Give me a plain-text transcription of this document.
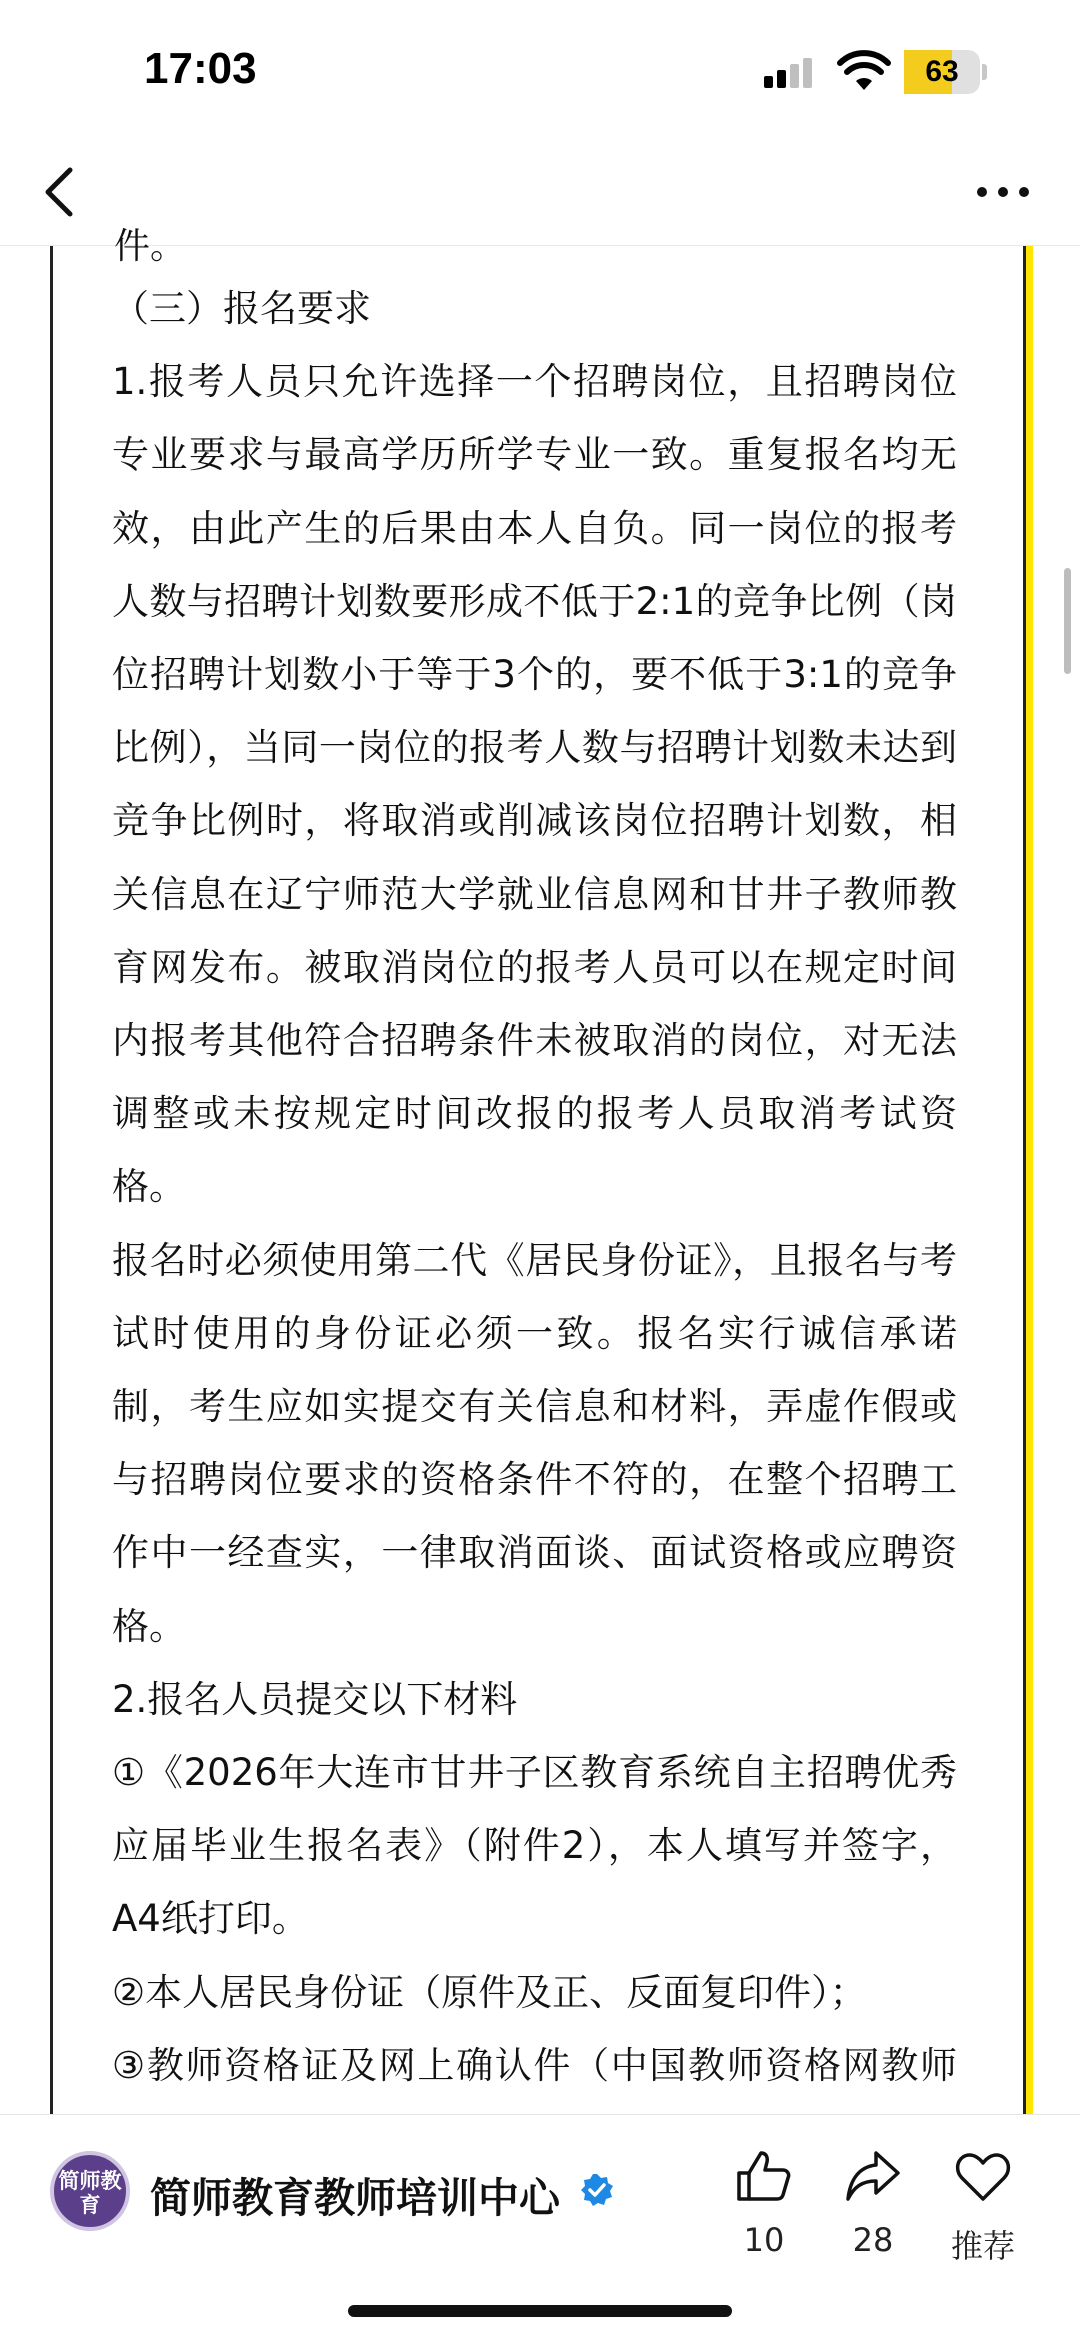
17:03	63
件。

（三）报名要求

1.报考人员只允许选择一个招聘岗位，且招聘岗位专业要求与最高学历所学专业一致。重复报名均无效，由此产生的后果由本人自负。同一岗位的报考人数与招聘计划数要形成不低于2:1的竞争比例（岗位招聘计划数小于等于3个的，要不低于3:1的竞争比例），当同一岗位的报考人数与招聘计划数未达到竞争比例时，将取消或削减该岗位招聘计划数，相关信息在辽宁师范大学就业信息网和甘井子教师教育网发布。被取消岗位的报考人员可以在规定时间内报考其他符合招聘条件未被取消的岗位，对无法调整或未按规定时间改报的报考人员取消考试资格。

报名时必须使用第二代《居民身份证》，且报名与考试时使用的身份证必须一致。报名实行诚信承诺制，考生应如实提交有关信息和材料，弄虚作假或与招聘岗位要求的资格条件不符的，在整个招聘工作中一经查实，一律取消面谈、面试资格或应聘资格。

2.报名人员提交以下材料

①《2026年大连市甘井子区教育系统自主招聘优秀应届毕业生报名表》（附件2），本人填写并签字，A4纸打印。

②本人居民身份证（原件及正、反面复印件）；

③教师资格证及网上确认件（中国教师资格网教师

简师教育	简师教育教师培训中心
10	28	推荐
